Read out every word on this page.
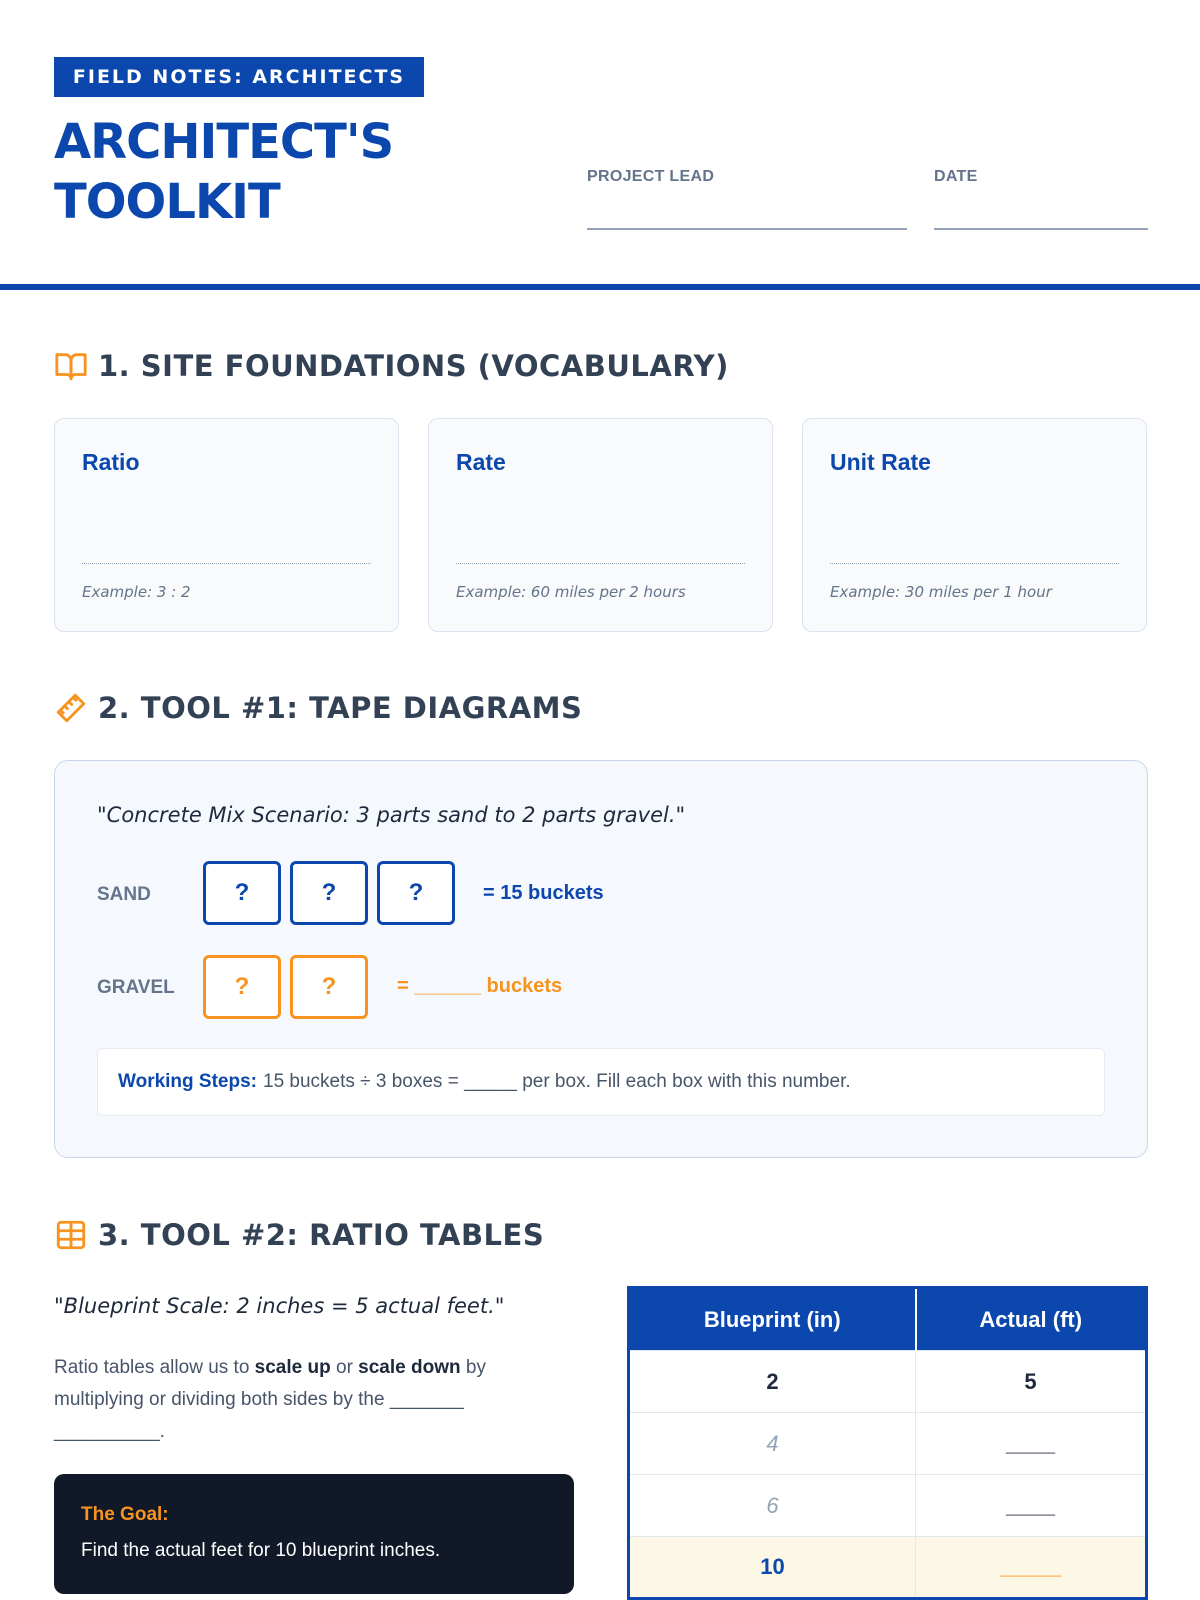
FIELD NOTES: ARCHITECTS
ARCHITECT'S
TOOLKIT	PROJECT LEAD	DATE
1. SITE FOUNDATIONS (VOCABULARY)
Ratio
Example: 3 : 2
Rate
Example: 60 miles per 2 hours
Unit Rate
Example: 30 miles per 1 hour
2. TOOL #1: TAPE DIAGRAMS
"Concrete Mix Scenario: 3 parts sand to 2 parts gravel."
SAND	?	?	?	= 15 buckets
GRAVEL	?	?	= ______ buckets
Working Steps: 15 buckets ÷ 3 boxes = _____ per box. Fill each box with this number.
3. TOOL #2: RATIO TABLES
"Blueprint Scale: 2 inches = 5 actual feet."
Ratio tables allow us to scale up or scale down by multiplying or dividing both sides by the _______ __________.
The Goal:
Find the actual feet for 10 blueprint inches.
Blueprint (in)	Actual (ft)
2	5
4	____
6	____
10	_____
